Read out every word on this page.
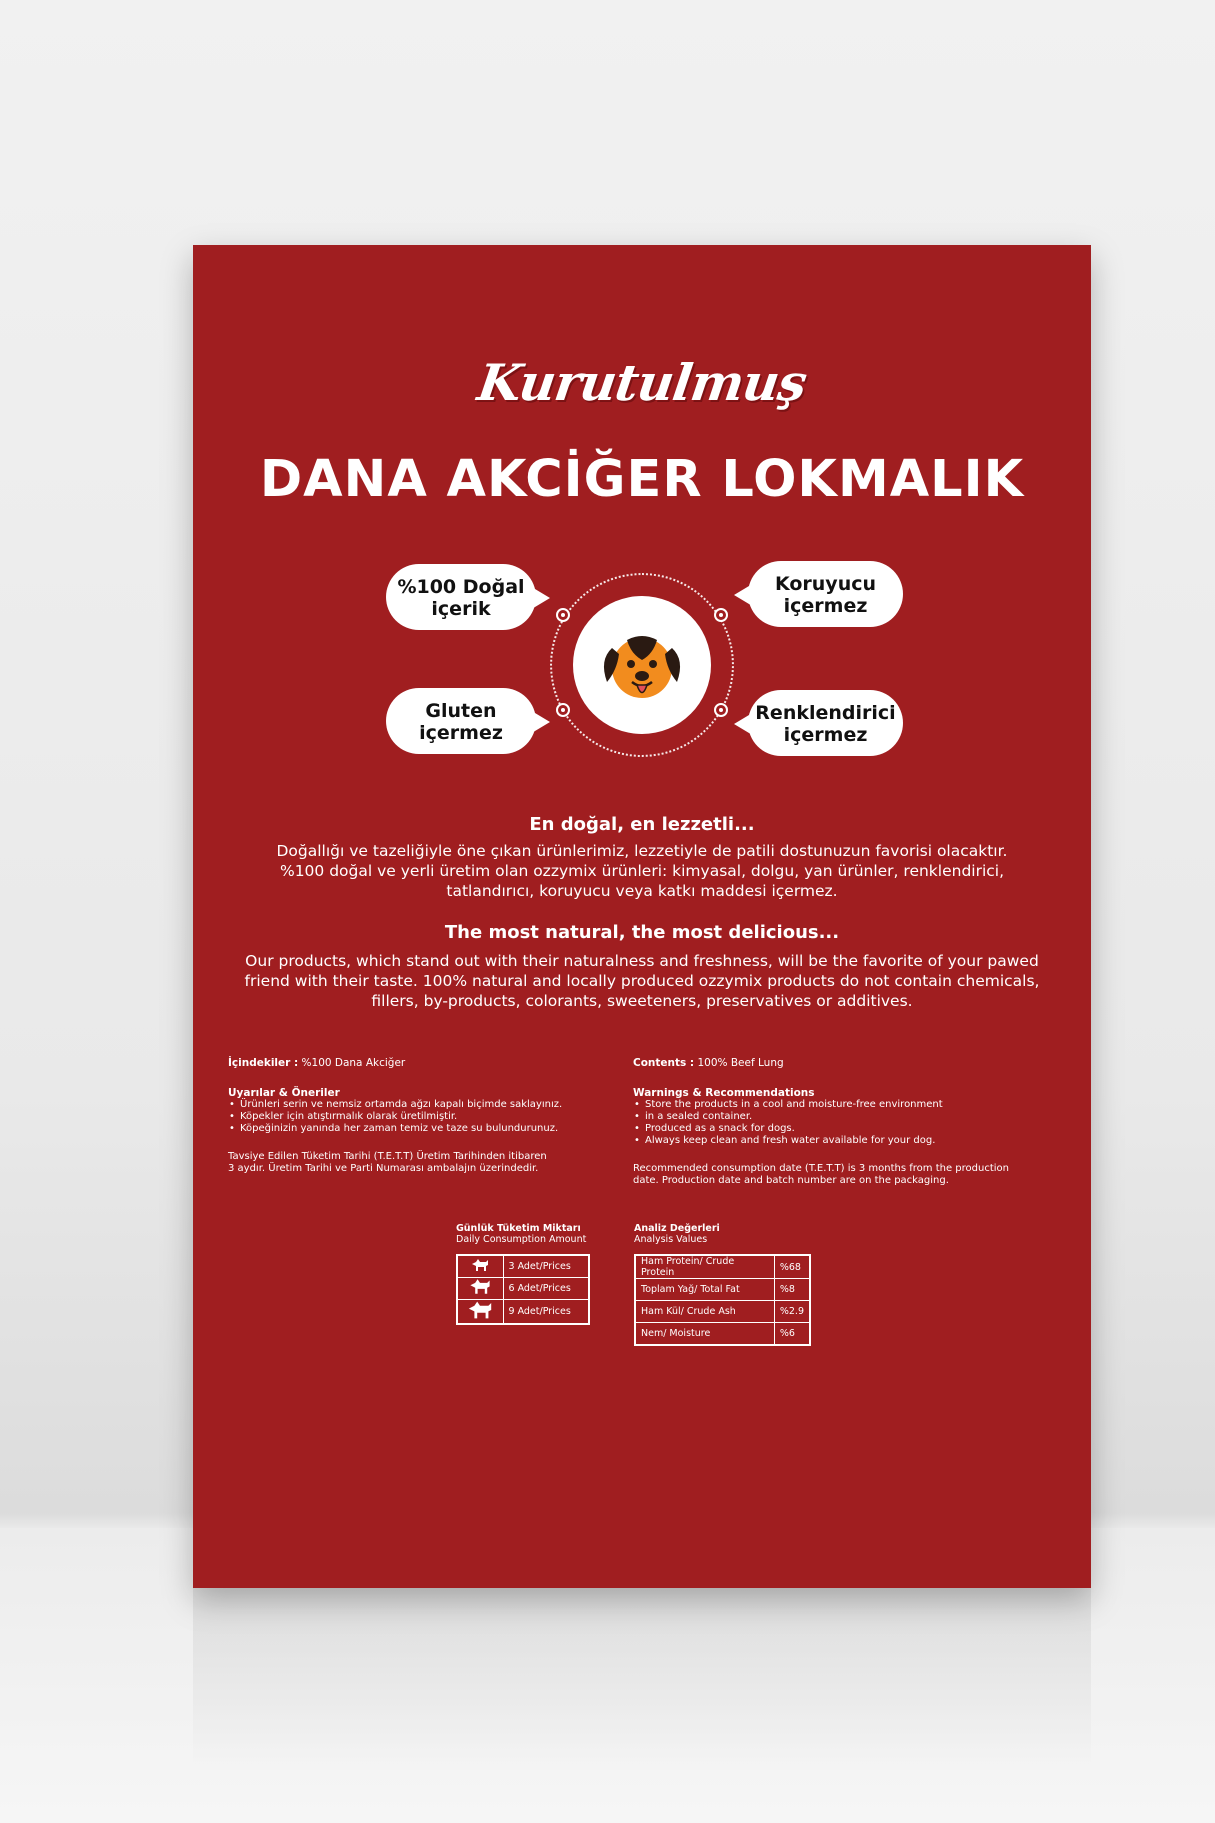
Kurutulmuş
DANA AKCİĞER LOKMALIK
%100 Doğal
içerik
Koruyucu
içermez
Gluten
içermez
Renklendirici
içermez
En doğal, en lezzetli...
Doğallığı ve tazeliğiyle öne çıkan ürünlerimiz, lezzetiyle de patili dostunuzun favorisi olacaktır.
%100 doğal ve yerli üretim olan ozzymix ürünleri: kimyasal, dolgu, yan ürünler, renklendirici,
tatlandırıcı, koruyucu veya katkı maddesi içermez.
The most natural, the most delicious...
Our products, which stand out with their naturalness and freshness, will be the favorite of your pawed
friend with their taste. 100% natural and locally produced ozzymix products do not contain chemicals,
fillers, by-products, colorants, sweeteners, preservatives or additives.
İçindekiler : %100 Dana Akciğer
Uyarılar & Öneriler
• Ürünleri serin ve nemsiz ortamda ağzı kapalı biçimde saklayınız.
• Köpekler için atıştırmalık olarak üretilmiştir.
• Köpeğinizin yanında her zaman temiz ve taze su bulundurunuz.
Tavsiye Edilen Tüketim Tarihi (T.E.T.T) Üretim Tarihinden itibaren
3 aydır. Üretim Tarihi ve Parti Numarası ambalajın üzerindedir.
Contents : 100% Beef Lung
Warnings & Recommendations
• Store the products in a cool and moisture-free environment
• in a sealed container.
• Produced as a snack for dogs.
• Always keep clean and fresh water available for your dog.
Recommended consumption date (T.E.T.T) is 3 months from the production
date. Production date and batch number are on the packaging.
Günlük Tüketim Miktarı
Daily Consumption Amount
	3 Adet/Prices
	6 Adet/Prices
	9 Adet/Prices
Analiz Değerleri
Analysis Values
Ham Protein/ Crude Protein	%68
Toplam Yağ/ Total Fat	%8
Ham Kül/ Crude Ash	%2.9
Nem/ Moisture	%6
